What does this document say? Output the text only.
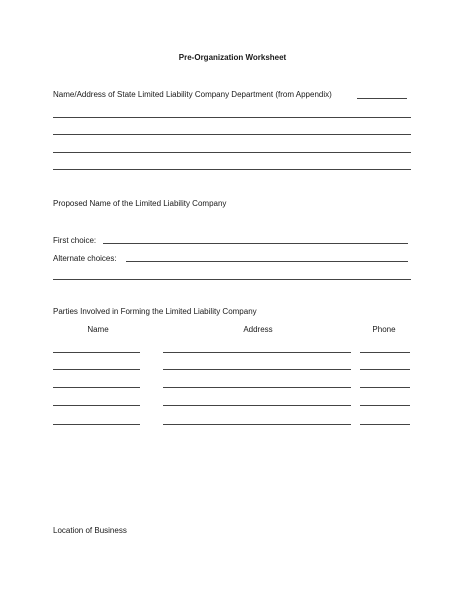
Pre-Organization Worksheet
Name/Address of State Limited Liability Company Department (from Appendix)
Proposed Name of the Limited Liability Company
First choice:
Alternate choices:
Parties Involved in Forming the Limited Liability Company
Name	Address	Phone
Location of Business
